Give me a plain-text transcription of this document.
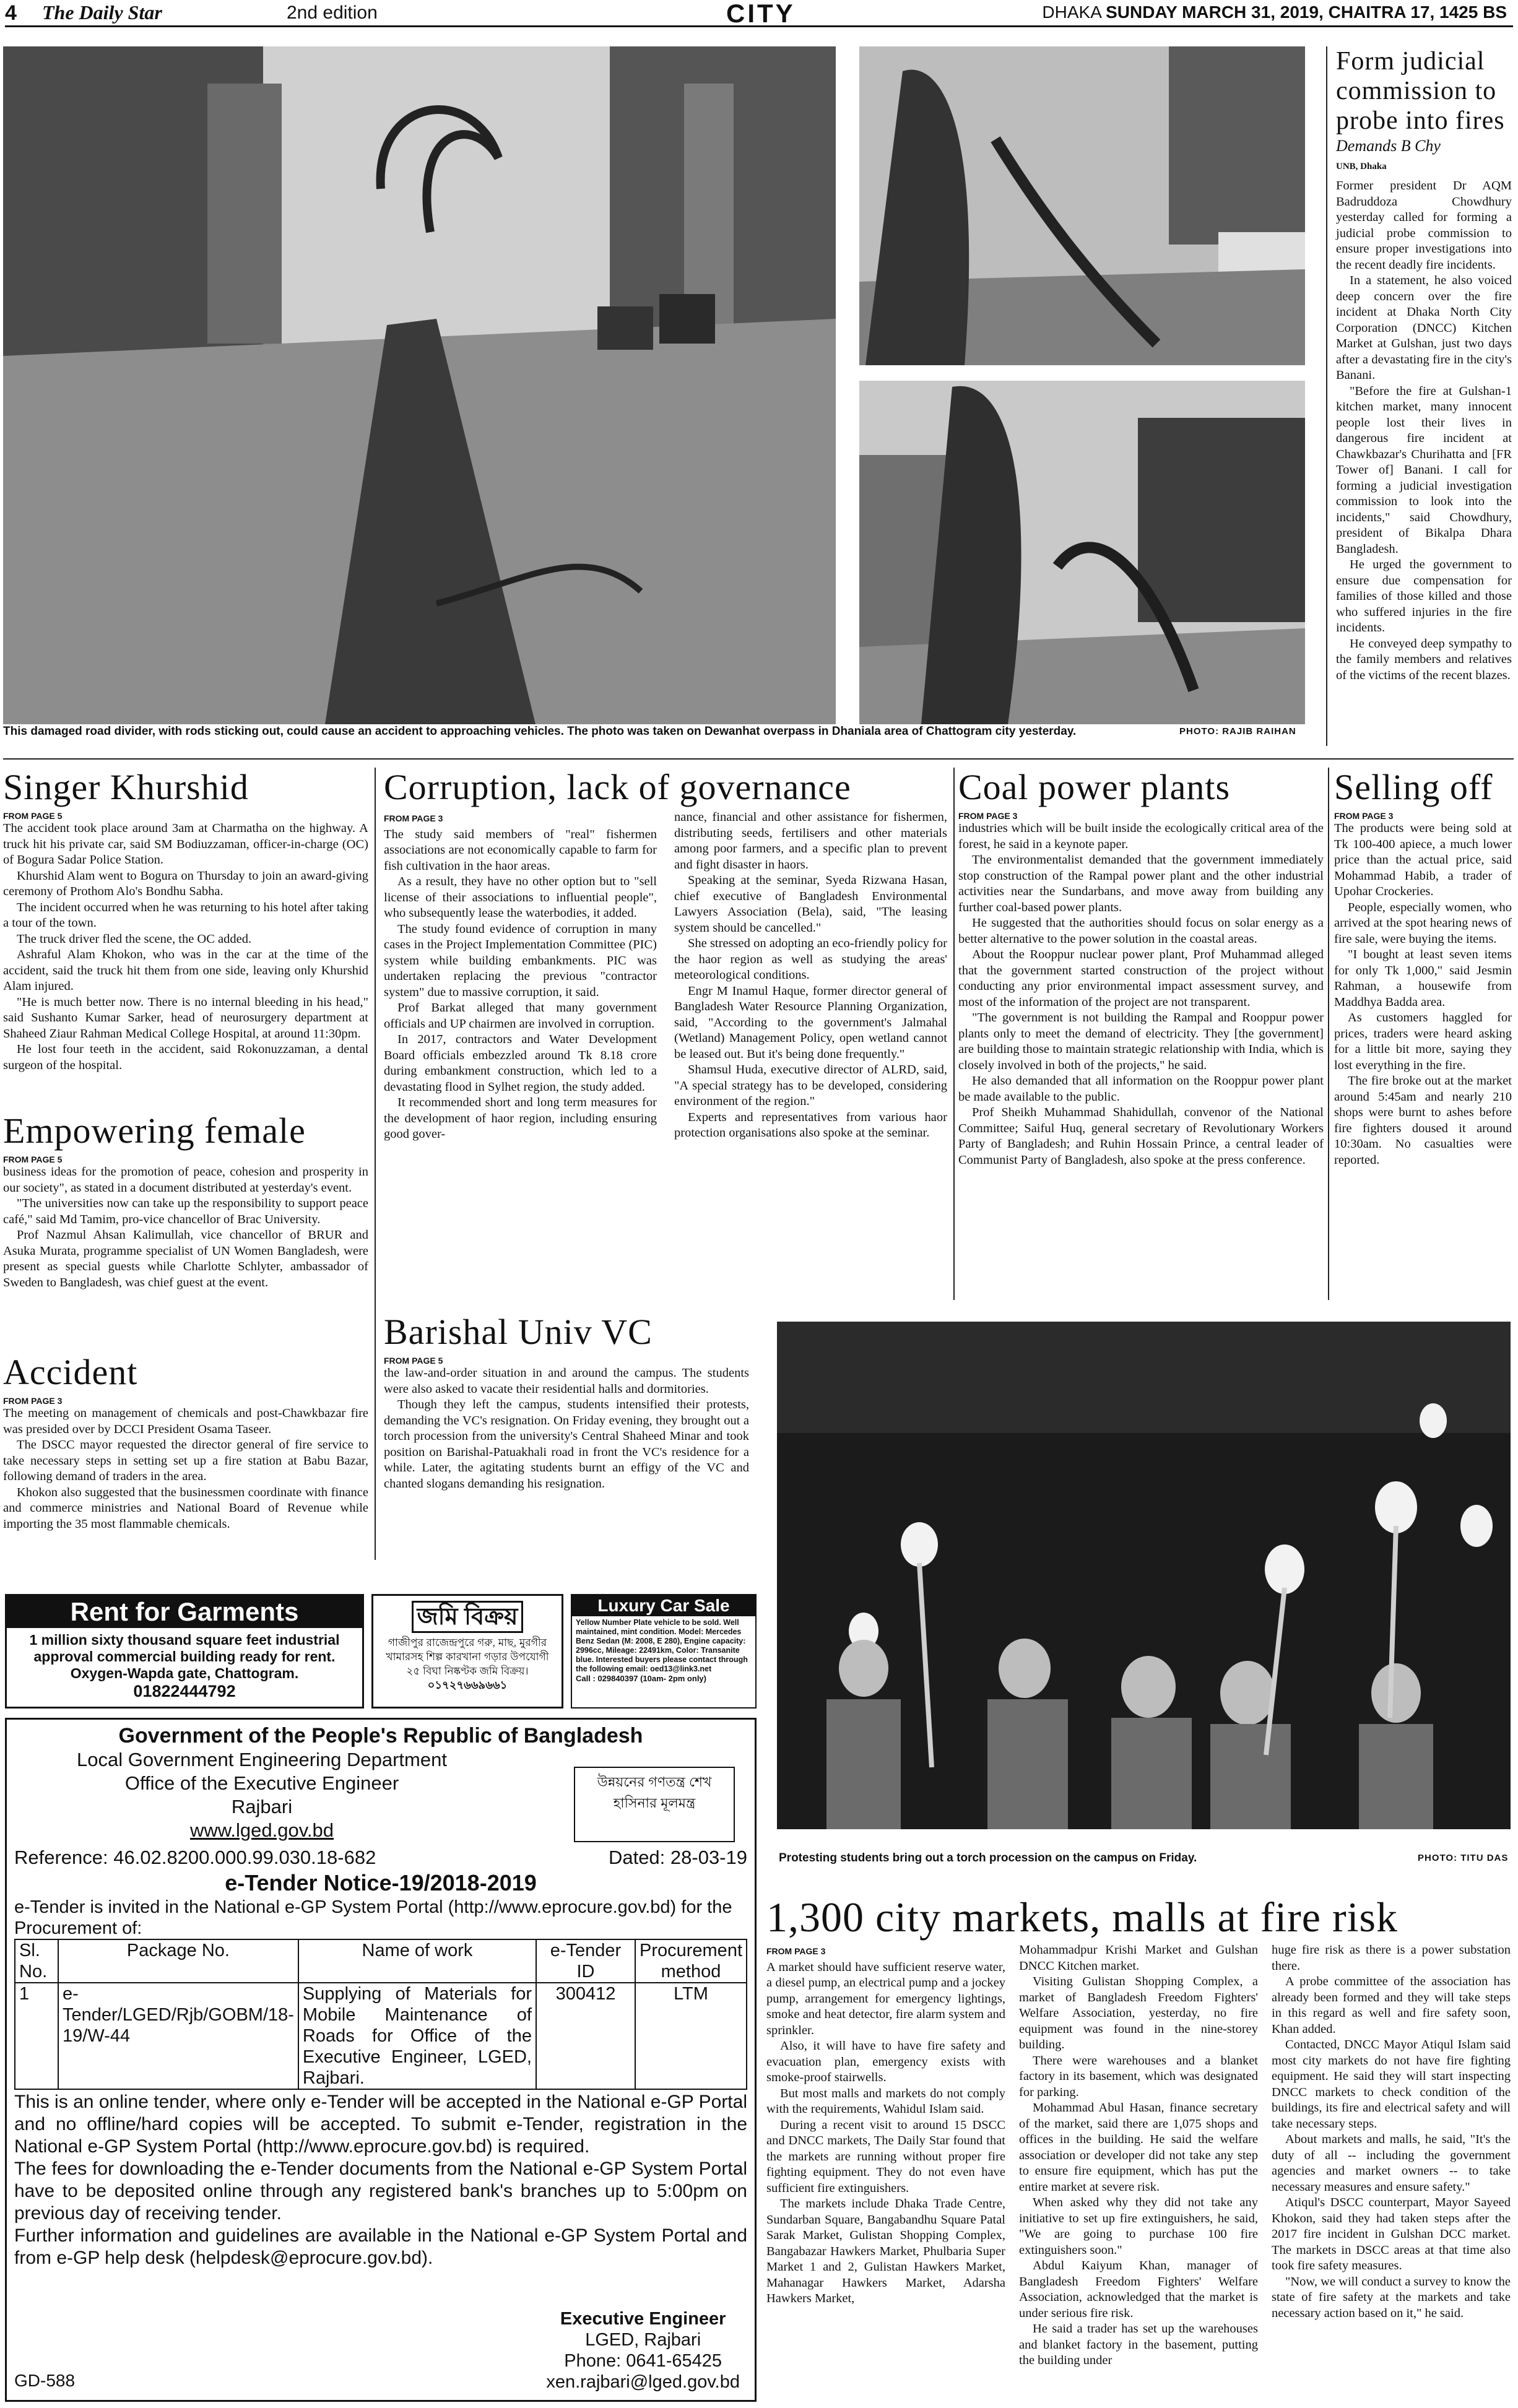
4 The Daily Star	2nd edition	CITY	DHAKA SUNDAY MARCH 31, 2019, CHAITRA 17, 1425 BS
This damaged road divider, with rods sticking out, could cause an accident to approaching vehicles. The photo was taken on Dewanhat overpass in Dhaniala area of Chattogram city yesterday.	PHOTO: RAJIB RAIHAN
Form judicial commission to probe into fires
Demands B Chy
UNB, Dhaka

Former president Dr AQM Badruddoza Chowdhury yesterday called for forming a judicial probe commission to ensure proper investigations into the recent deadly fire incidents.

In a statement, he also voiced deep concern over the fire incident at Dhaka North City Corporation (DNCC) Kitchen Market at Gulshan, just two days after a devastating fire in the city's Banani.

"Before the fire at Gulshan-1 kitchen market, many innocent people lost their lives in dangerous fire incident at Chawkbazar's Churihatta and [FR Tower of] Banani. I call for forming a judicial investigation commission to look into the incidents," said Chowdhury, president of Bikalpa Dhara Bangladesh.

He urged the government to ensure due compensation for families of those killed and those who suffered injuries in the fire incidents.

He conveyed deep sympathy to the family members and relatives of the victims of the recent blazes.

Singer Khurshid
FROM PAGE 5

The accident took place around 3am at Charmatha on the highway. A truck hit his private car, said SM Bodiuzzaman, officer-in-charge (OC) of Bogura Sadar Police Station.

Khurshid Alam went to Bogura on Thursday to join an award-giving ceremony of Prothom Alo's Bondhu Sabha.

The incident occurred when he was returning to his hotel after taking a tour of the town.

The truck driver fled the scene, the OC added.

Ashraful Alam Khokon, who was in the car at the time of the accident, said the truck hit them from one side, leaving only Khurshid Alam injured.

"He is much better now. There is no internal bleeding in his head," said Sushanto Kumar Sarker, head of neurosurgery department at Shaheed Ziaur Rahman Medical College Hospital, at around 11:30pm.

He lost four teeth in the accident, said Rokonuzzaman, a dental surgeon of the hospital.

Empowering female
FROM PAGE 5

business ideas for the promotion of peace, cohesion and prosperity in our society", as stated in a document distributed at yesterday's event.

"The universities now can take up the responsibility to support peace café," said Md Tamim, pro-vice chancellor of Brac University.

Prof Nazmul Ahsan Kalimullah, vice chancellor of BRUR and Asuka Murata, programme specialist of UN Women Bangladesh, were present as special guests while Charlotte Schlyter, ambassador of Sweden to Bangladesh, was chief guest at the event.

Accident
FROM PAGE 3

The meeting on management of chemicals and post-Chawkbazar fire was presided over by DCCI President Osama Taseer.

The DSCC mayor requested the director general of fire service to take necessary steps in setting set up a fire station at Babu Bazar, following demand of traders in the area.

Khokon also suggested that the businessmen coordinate with finance and commerce ministries and National Board of Revenue while importing the 35 most flammable chemicals.

Corruption, lack of governance
FROM PAGE 3

The study said members of "real" fishermen associations are not economically capable to farm for fish cultivation in the haor areas.

As a result, they have no other option but to "sell license of their associations to influential people", who subsequently lease the waterbodies, it added.

The study found evidence of corruption in many cases in the Project Implementation Committee (PIC) system while building embankments. PIC was undertaken replacing the previous "contractor system" due to massive corruption, it said.

Prof Barkat alleged that many government officials and UP chairmen are involved in corruption.

In 2017, contractors and Water Development Board officials embezzled around Tk 8.18 crore during embankment construction, which led to a devastating flood in Sylhet region, the study added.

It recommended short and long term measures for the development of haor region, including ensuring good gover-

nance, financial and other assistance for fishermen, distributing seeds, fertilisers and other materials among poor farmers, and a specific plan to prevent and fight disaster in haors.

Speaking at the seminar, Syeda Rizwana Hasan, chief executive of Bangladesh Environmental Lawyers Association (Bela), said, "The leasing system should be cancelled."

She stressed on adopting an eco-friendly policy for the haor region as well as studying the areas' meteorological conditions.

Engr M Inamul Haque, former director general of Bangladesh Water Resource Planning Organization, said, "According to the government's Jalmahal (Wetland) Management Policy, open wetland cannot be leased out. But it's being done frequently."

Shamsul Huda, executive director of ALRD, said, "A special strategy has to be developed, considering environment of the region."

Experts and representatives from various haor protection organisations also spoke at the seminar.

Coal power plants
FROM PAGE 3

industries which will be built inside the ecologically critical area of the forest, he said in a keynote paper.

The environmentalist demanded that the government immediately stop construction of the Rampal power plant and the other industrial activities near the Sundarbans, and move away from building any further coal-based power plants.

He suggested that the authorities should focus on solar energy as a better alternative to the power solution in the coastal areas.

About the Rooppur nuclear power plant, Prof Muhammad alleged that the government started construction of the project without conducting any prior environmental impact assessment survey, and most of the information of the project are not transparent.

"The government is not building the Rampal and Rooppur power plants only to meet the demand of electricity. They [the government] are building those to maintain strategic relationship with India, which is closely involved in both of the projects," he said.

He also demanded that all information on the Rooppur power plant be made available to the public.

Prof Sheikh Muhammad Shahidullah, convenor of the National Committee; Saiful Huq, general secretary of Revolutionary Workers Party of Bangladesh; and Ruhin Hossain Prince, a central leader of Communist Party of Bangladesh, also spoke at the press conference.

Selling off
FROM PAGE 3

The products were being sold at Tk 100-400 apiece, a much lower price than the actual price, said Mohammad Habib, a trader of Upohar Crockeries.

People, especially women, who arrived at the spot hearing news of fire sale, were buying the items.

"I bought at least seven items for only Tk 1,000," said Jesmin Rahman, a housewife from Maddhya Badda area.

As customers haggled for prices, traders were heard asking for a little bit more, saying they lost everything in the fire.

The fire broke out at the market around 5:45am and nearly 210 shops were burnt to ashes before fire fighters doused it around 10:30am. No casualties were reported.

Barishal Univ VC
FROM PAGE 5

the law-and-order situation in and around the campus. The students were also asked to vacate their residential halls and dormitories.

Though they left the campus, students intensified their protests, demanding the VC's resignation. On Friday evening, they brought out a torch procession from the university's Central Shaheed Minar and took position on Barishal-Patuakhali road in front the VC's residence for a while. Later, the agitating students burnt an effigy of the VC and chanted slogans demanding his resignation.

Protesting students bring out a torch procession on the campus on Friday.	PHOTO: TITU DAS
1,300 city markets, malls at fire risk
FROM PAGE 3

A market should have sufficient reserve water, a diesel pump, an electrical pump and a jockey pump, arrangement for emergency lightings, smoke and heat detector, fire alarm system and sprinkler.

Also, it will have to have fire safety and evacuation plan, emergency exists with smoke-proof stairwells.

But most malls and markets do not comply with the requirements, Wahidul Islam said.

During a recent visit to around 15 DSCC and DNCC markets, The Daily Star found that the markets are running without proper fire fighting equipment. They do not even have sufficient fire extinguishers.

The markets include Dhaka Trade Centre, Sundarban Square, Bangabandhu Square Patal Sarak Market, Gulistan Shopping Complex, Bangabazar Hawkers Market, Phulbaria Super Market 1 and 2, Gulistan Hawkers Market, Mahanagar Hawkers Market, Adarsha Hawkers Market,

Mohammadpur Krishi Market and Gulshan DNCC Kitchen market.

Visiting Gulistan Shopping Complex, a market of Bangladesh Freedom Fighters' Welfare Association, yesterday, no fire equipment was found in the nine-storey building.

There were warehouses and a blanket factory in its basement, which was designated for parking.

Mohammad Abul Hasan, finance secretary of the market, said there are 1,075 shops and offices in the building. He said the welfare association or developer did not take any step to ensure fire equipment, which has put the entire market at severe risk.

When asked why they did not take any initiative to set up fire extinguishers, he said, "We are going to purchase 100 fire extinguishers soon."

Abdul Kaiyum Khan, manager of Bangladesh Freedom Fighters' Welfare Association, acknowledged that the market is under serious fire risk.

He said a trader has set up the warehouses and blanket factory in the basement, putting the building under

huge fire risk as there is a power substation there.

A probe committee of the association has already been formed and they will take steps in this regard as well and fire safety soon, Khan added.

Contacted, DNCC Mayor Atiqul Islam said most city markets do not have fire fighting equipment. He said they will start inspecting DNCC markets to check condition of the buildings, its fire and electrical safety and will take necessary steps.

About markets and malls, he said, "It's the duty of all -- including the government agencies and market owners -- to take necessary measures and ensure safety."

Atiqul's DSCC counterpart, Mayor Sayeed Khokon, said they had taken steps after the 2017 fire incident in Gulshan DCC market. The markets in DSCC areas at that time also took fire safety measures.

"Now, we will conduct a survey to know the state of fire safety at the markets and take necessary action based on it," he said.

Rent for Garments
1 million sixty thousand square feet industrial approval commercial building ready for rent. Oxygen-Wapda gate, Chattogram.
01822444792
জমি বিক্রয়
গাজীপুর রাজেন্দ্রপুরে গরু, মাছ, মুরগীর খামারসহ শিল্প কারখানা গড়ার উপযোগী ২৫ বিঘা নিষ্কণ্টক জমি বিক্রয়।
০১৭২৭৬৬৯৬৬১
Luxury Car Sale
Yellow Number Plate vehicle to be sold. Well maintained, mint condition. Model: Mercedes Benz Sedan (M: 2008, E 280), Engine capacity: 2996cc, Mileage: 22491km, Color: Transanite blue. Interested buyers please contact through the following email: oed13@link3.net
Call : 029840397 (10am- 2pm only)
Government of the People's Republic of Bangladesh
Local Government Engineering Department
Office of the Executive Engineer
Rajbari
www.lged.gov.bd
উন্নয়নের গণতন্ত্র শেখ হাসিনার মূলমন্ত্র
Reference: 46.02.8200.000.99.030.18-682	Dated: 28-03-19
e-Tender Notice-19/2018-2019
e-Tender is invited in the National e-GP System Portal (http://www.eprocure.gov.bd) for the Procurement of:
Sl. No.	Package No.	Name of work	e-Tender ID	Procurement method
1	e-Tender/LGED/Rjb/GOBM/18-19/W-44	Supplying of Materials for Mobile Maintenance of Roads for Office of the Executive Engineer, LGED, Rajbari.	300412	LTM
This is an online tender, where only e-Tender will be accepted in the National e-GP Portal and no offline/hard copies will be accepted. To submit e-Tender, registration in the National e-GP System Portal (http://www.eprocure.gov.bd) is required.
The fees for downloading the e-Tender documents from the National e-GP System Portal have to be deposited online through any registered bank's branches up to 5:00pm on previous day of receiving tender.
Further information and guidelines are available in the National e-GP System Portal and from e-GP help desk (helpdesk@eprocure.gov.bd).
Executive Engineer
LGED, Rajbari
Phone: 0641-65425
xen.rajbari@lged.gov.bd
GD-588
